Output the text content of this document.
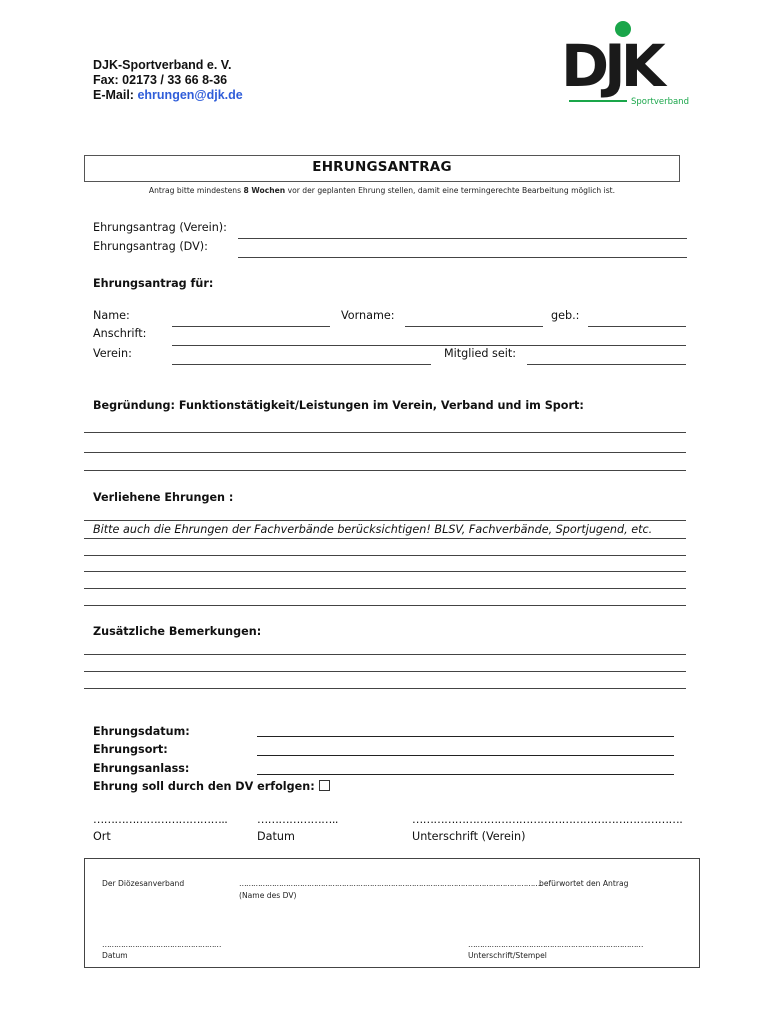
DJK-Sportverband e. V.
Fax: 02173 / 33 66 8-36
E-Mail: ehrungen@djk.de	DJK
Sportverband
EHRUNGSANTRAG
Antrag bitte mindestens 8 Wochen vor der geplanten Ehrung stellen, damit eine termingerechte Bearbeitung möglich ist.
Ehrungsantrag (Verein):
Ehrungsantrag (DV):
Ehrungsantrag für:
Name:	Vorname:	geb.:
Anschrift:
Verein:	Mitglied seit:
Begründung: Funktionstätigkeit/Leistungen im Verein, Verband und im Sport:
Verliehene Ehrungen :
Bitte auch die Ehrungen der Fachverbände berücksichtigen! BLSV, Fachverbände, Sportjugend, etc.
Zusätzliche Bemerkungen:
Ehrungsdatum:
Ehrungsort:
Ehrungsanlass:
Ehrung soll durch den DV erfolgen:
………………………………..
Ort
…………………..
Datum
………………………………………………………………….
Unterschrift (Verein)
Der Diözesanverband	………………………………………………………………………………………………………………….
befürwortet den Antrag
(Name des DV)
……………………………………………
Datum
…………………………………………………………………
Unterschrift/Stempel
